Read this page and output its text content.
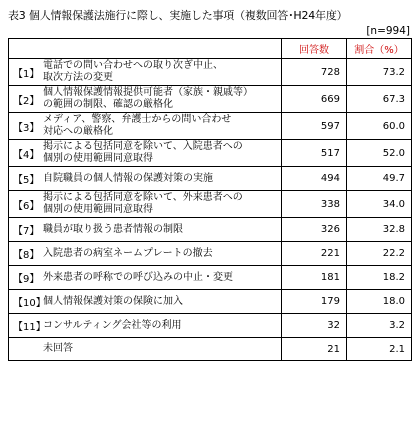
表3 個人情報保護法施行に際し、実施した事項（複数回答･H24年度）
[n=994]
	回答数	割合（%）

【1】
電話での問い合わせへの取り次ぎ中止、
取次方法の変更	728	73.2

【2】
個人情報保護情報提供可能者（家族・親戚等）
の範囲の制限、確認の厳格化	669	67.3

【3】
メディア、警察、弁護士からの問い合わせ
対応への厳格化	597	60.0

【4】
掲示による包括同意を除いて、入院患者への
個別の使用範囲同意取得	517	52.0

【5】 自院職員の個人情報の保護対策の実施	494	49.7

【6】
掲示による包括同意を除いて、外来患者への
個別の使用範囲同意取得	338	34.0

【7】 職員が取り扱う患者情報の制限	326	32.8

【8】 入院患者の病室ネームプレートの撤去	221	22.2

【9】 外来患者の呼称での呼び込みの中止・変更	181	18.2

【10】
個人情報保護対策の保険に加入	179	18.0

【11】
コンサルティング会社等の利用	32	3.2

未回答	21	2.1
